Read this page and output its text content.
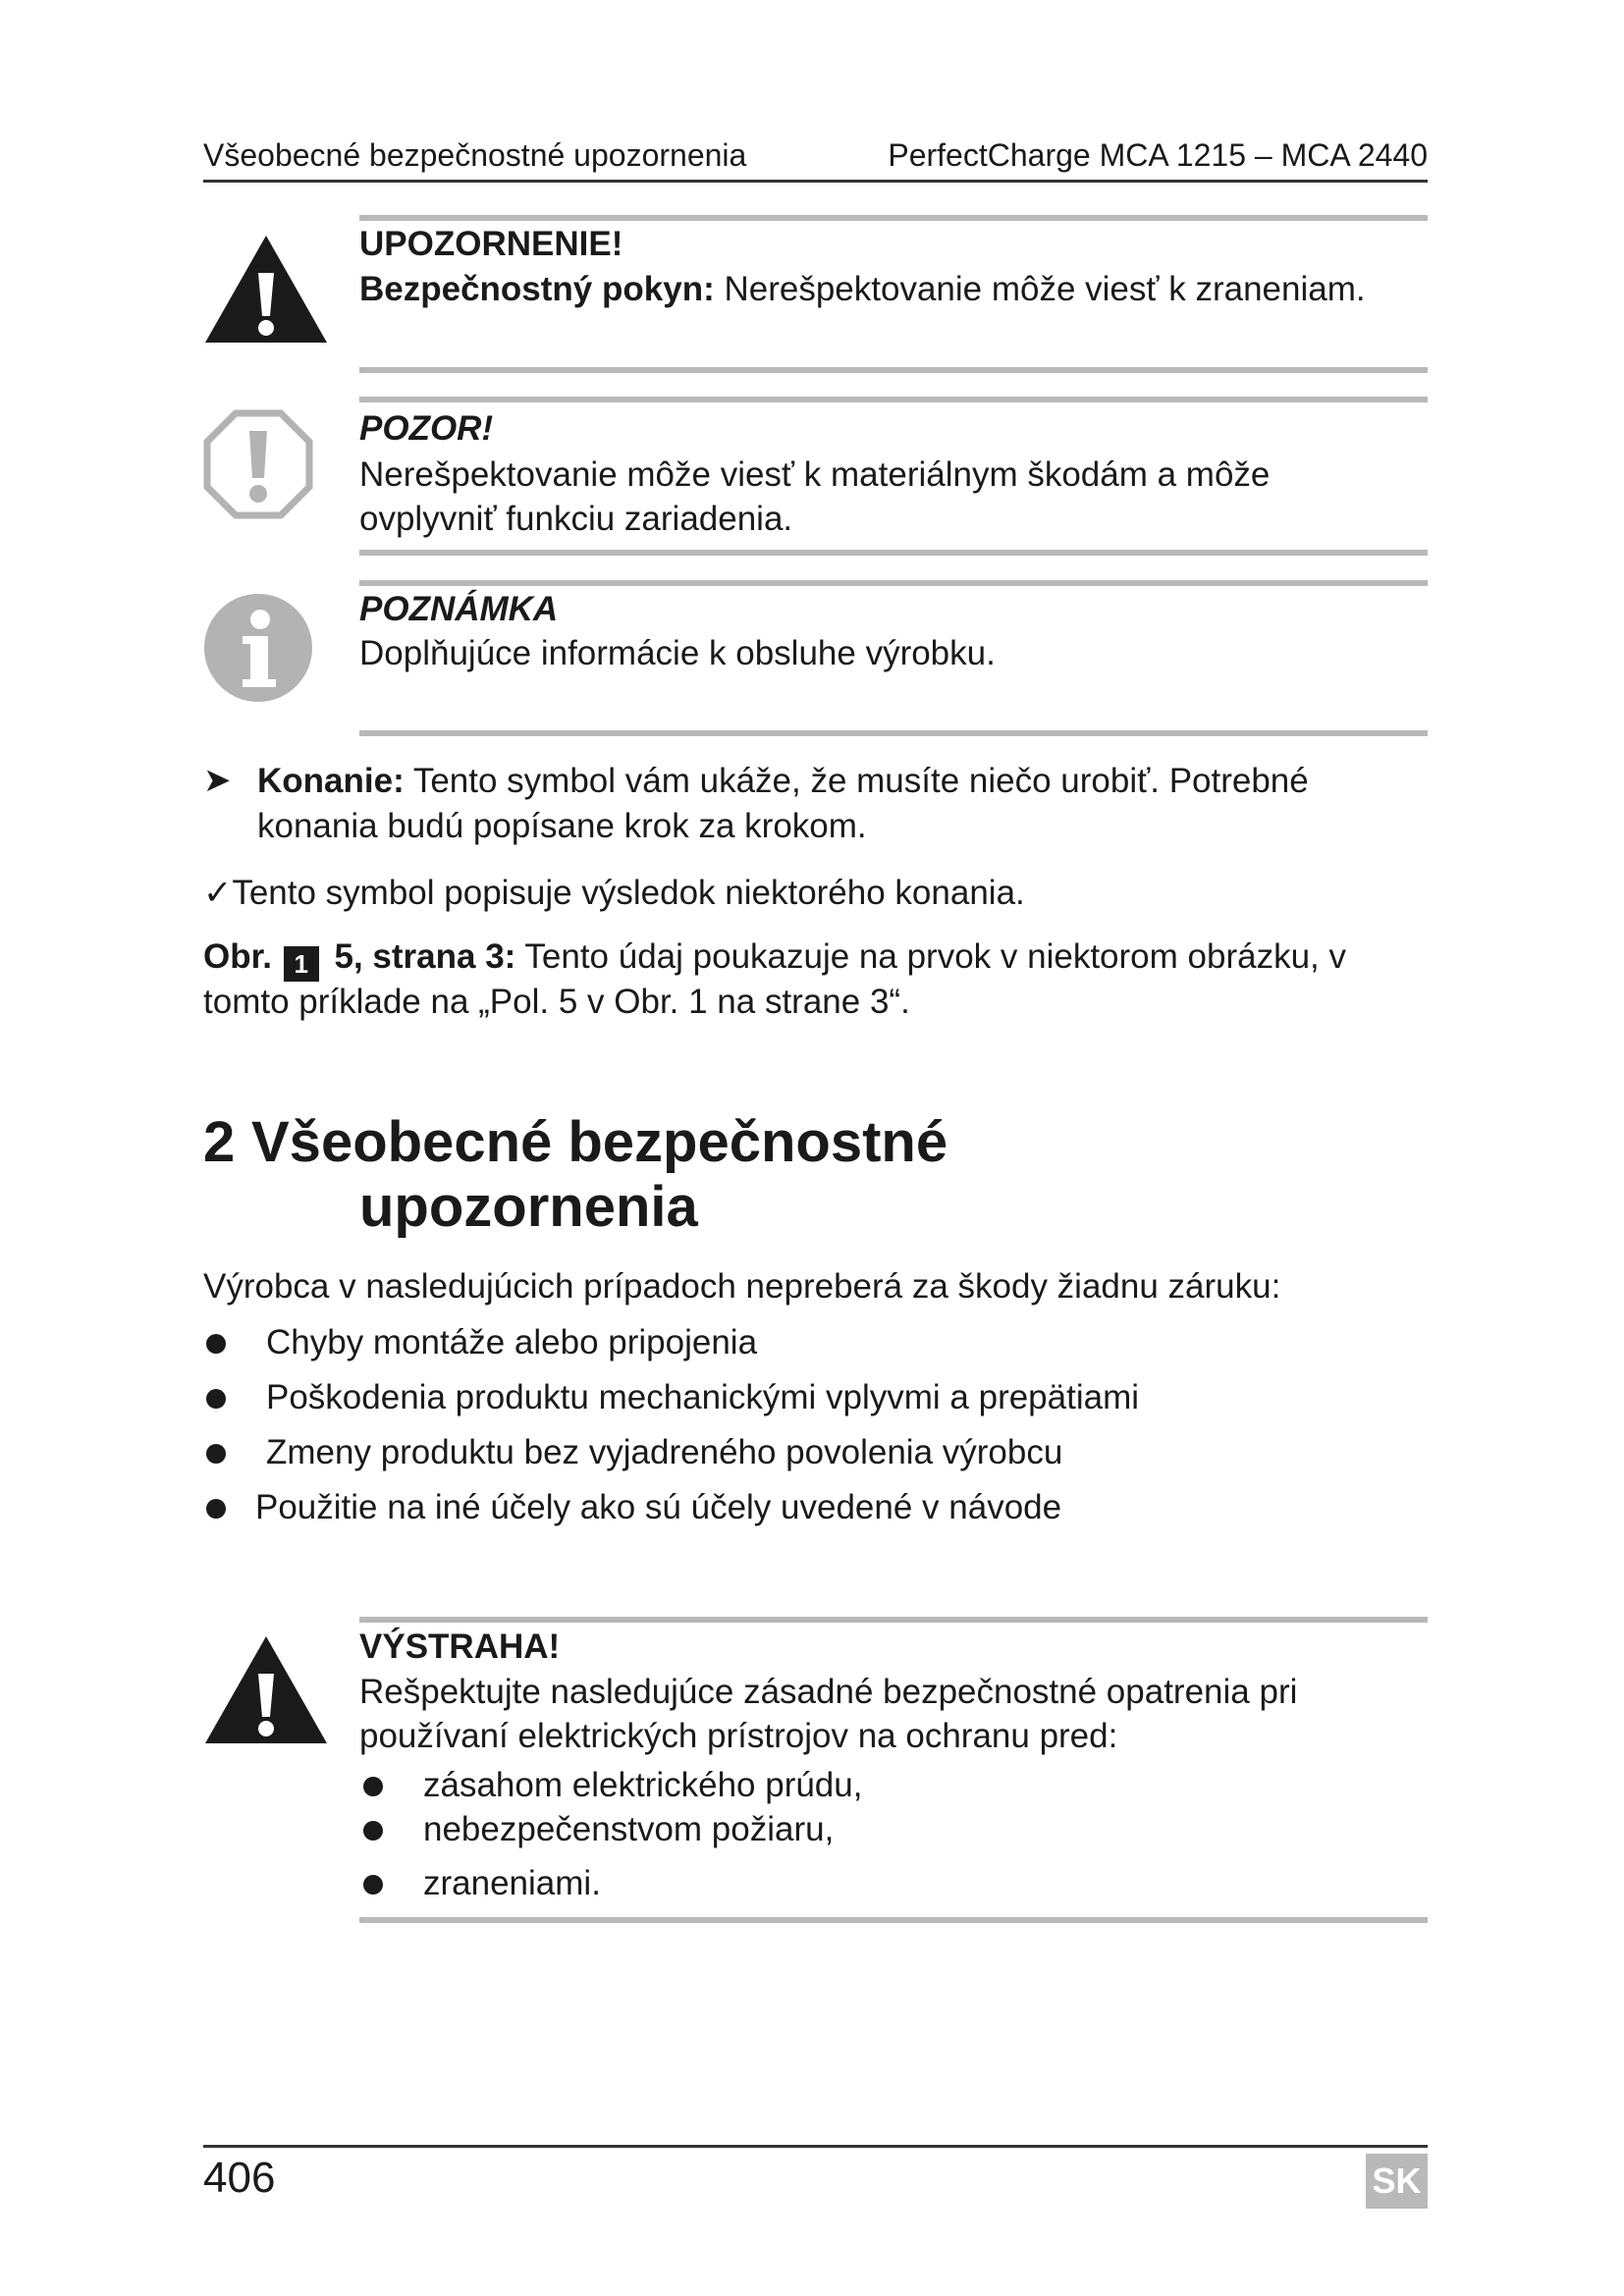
Všeobecné bezpečnostné upozornenia	PerfectCharge MCA 1215 – MCA 2440
UPOZORNENIE!
Bezpečnostný pokyn: Nerešpektovanie môže viesť k zraneniam.
POZOR!
Nerešpektovanie môže viesť k materiálnym škodám a môže
ovplyvniť funkciu zariadenia.
POZNÁMKA
Doplňujúce informácie k obsluhe výrobku.
➤ Konanie: Tento symbol vám ukáže, že musíte niečo urobiť. Potrebné
konania budú popísane krok za krokom.
✓Tento symbol popisuje výsledok niektorého konania.
Obr. 1 5, strana 3: Tento údaj poukazuje na prvok v niektorom obrázku, v
tomto príklade na „Pol. 5 v Obr. 1 na strane 3“.
2 Všeobecné bezpečnostné
upozornenia
Výrobca v nasledujúcich prípadoch nepreberá za škody žiadnu záruku:
Chyby montáže alebo pripojenia
Poškodenia produktu mechanickými vplyvmi a prepätiami
Zmeny produktu bez vyjadreného povolenia výrobcu
Použitie na iné účely ako sú účely uvedené v návode
VÝSTRAHA!
Rešpektujte nasledujúce zásadné bezpečnostné opatrenia pri
používaní elektrických prístrojov na ochranu pred:
zásahom elektrického prúdu,
nebezpečenstvom požiaru,
zraneniami.
406	SK
